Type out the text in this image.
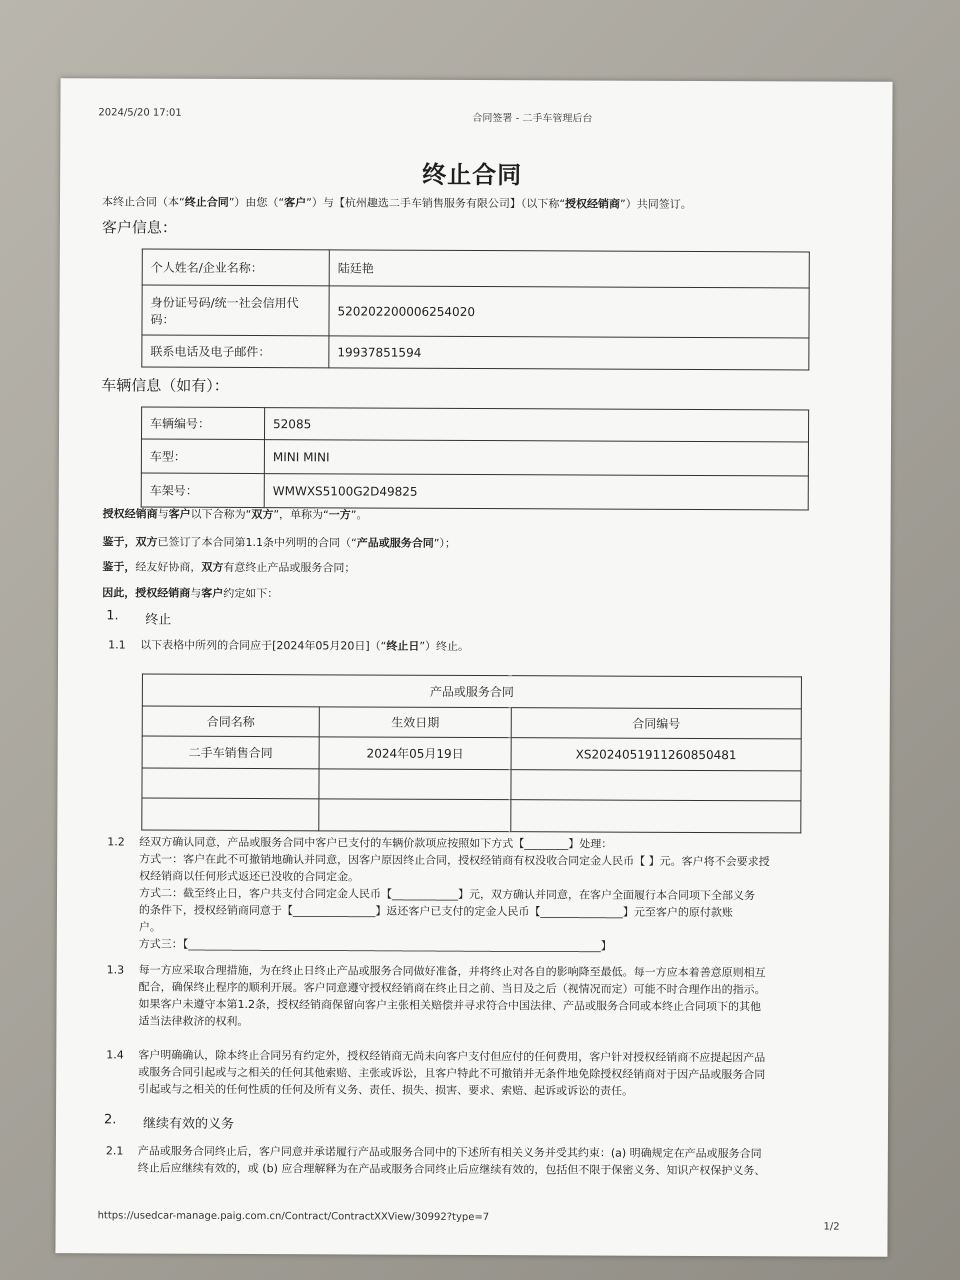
2024/5/20 17:01	合同签署 - 二手车管理后台
终止合同
本终止合同（本“终止合同”）由您（“客户”）与【杭州趣选二手车销售服务有限公司】（以下称“授权经销商”）共同签订。
客户信息：
个人姓名/企业名称：	陆廷艳
身份证号码/统一社会信用代码：	520202200006254020
联系电话及电子邮件：	19937851594
车辆信息（如有）：
车辆编号：	52085
车型：	MINI MINI
车架号：	WMWXS5100G2D49825
授权经销商与客户以下合称为“双方”，单称为“一方”。
鉴于，双方已签订了本合同第1.1条中列明的合同（“产品或服务合同”）；
鉴于，经友好协商，双方有意终止产品或服务合同；
因此，授权经销商与客户约定如下：
1. 终止
1.1 以下表格中所列的合同应于[2024年05月20日]（“终止日”）终止。
产品或服务合同		
合同名称	生效日期	合同编号
二手车销售合同	2024年05月19日	XS2024051911260850481

1.2 经双方确认同意，产品或服务合同中客户已支付的车辆价款项应按照如下方式【________】处理：
方式一：客户在此不可撤销地确认并同意，因客户原因终止合同，授权经销商有权没收合同定金人民币【 】元。客户将不会要求授
权经销商以任何形式返还已没收的合同定金。
方式二：截至终止日，客户共支付合同定金人民币【____________】元，双方确认并同意，在客户全面履行本合同项下全部义务
的条件下，授权经销商同意于【_______________】返还客户已支付的定金人民币【_______________】元至客户的原付款账
户。
方式三：【___________________________________________________________________________】
1.3 每一方应采取合理措施，为在终止日终止产品或服务合同做好准备，并将终止对各自的影响降至最低。每一方应本着善意原则相互
配合，确保终止程序的顺利开展。客户同意遵守授权经销商在终止日之前、当日及之后（视情况而定）可能不时合理作出的指示。
如果客户未遵守本第1.2条，授权经销商保留向客户主张相关赔偿并寻求符合中国法律、产品或服务合同或本终止合同项下的其他
适当法律救济的权利。
1.4 客户明确确认，除本终止合同另有约定外，授权经销商无尚未向客户支付但应付的任何费用，客户针对授权经销商不应提起因产品
或服务合同引起或与之相关的任何其他索赔、主张或诉讼，且客户特此不可撤销并无条件地免除授权经销商对于因产品或服务合同
引起或与之相关的任何性质的任何及所有义务、责任、损失、损害、要求、索赔、起诉或诉讼的责任。
2. 继续有效的义务
2.1 产品或服务合同终止后，客户同意并承诺履行产品或服务合同中的下述所有相关义务并受其约束：(a) 明确规定在产品或服务合同
终止后应继续有效的，或 (b) 应合理解释为在产品或服务合同终止后应继续有效的，包括但不限于保密义务、知识产权保护义务、
https://usedcar-manage.paig.com.cn/Contract/ContractXXView/30992?type=7
1/2
